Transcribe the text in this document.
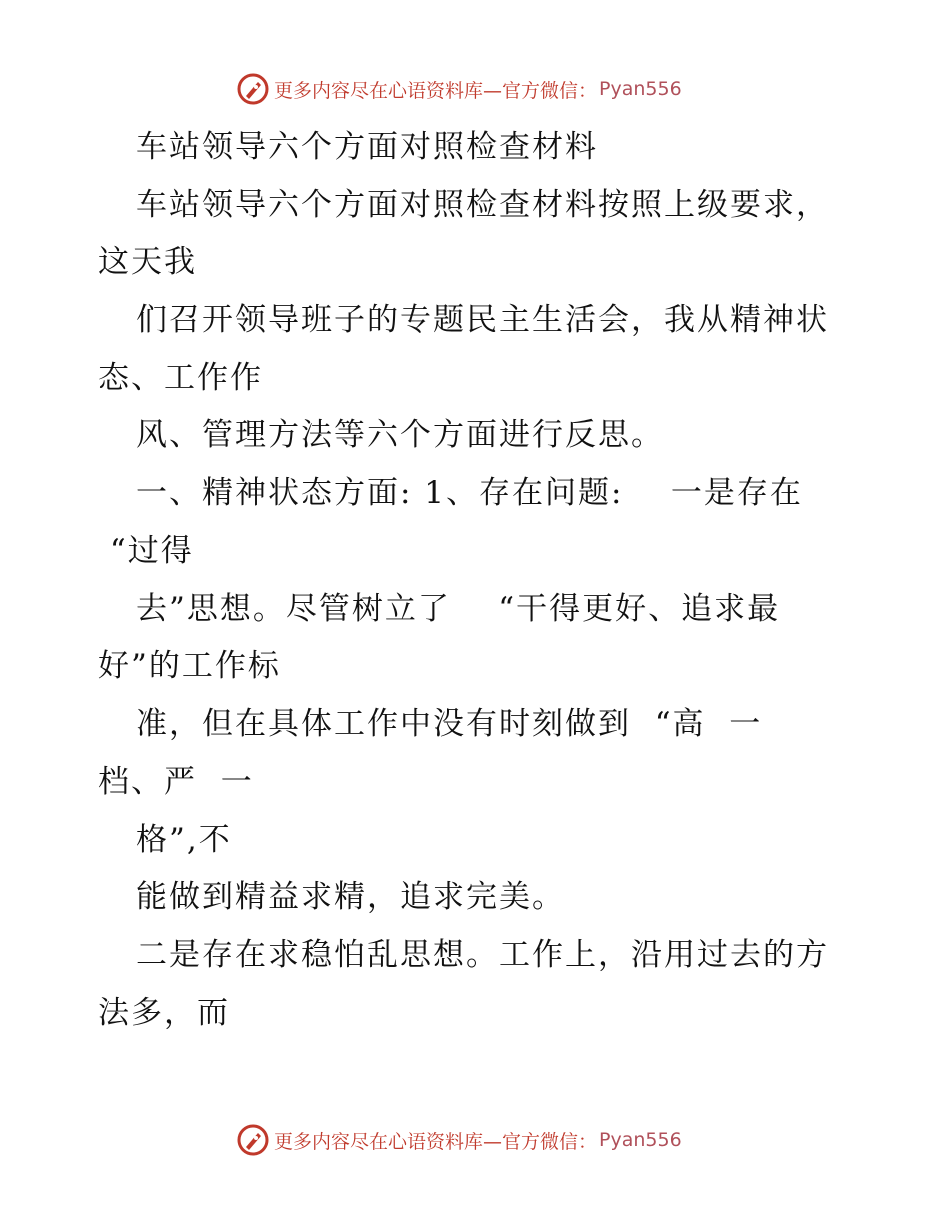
更多内容尽在心语资料库—官方微信： Pyan556
车站领导六个方面对照检查材料
车站领导六个方面对照检查材料按照上级要求，
这天我
们召开领导班子的专题民主生活会，我从精神状
态、工作作
风、管理方法等六个方面进行反思。
一、精神状态方面: 1、存在问题:    一是存在
“过得
去”思想。尽管树立了    “干得更好、追求最
好”的工作标
准，但在具体工作中没有时刻做到  “高  一
档、严  一
格”,不
能做到精益求精，追求完美。
二是存在求稳怕乱思想。工作上，沿用过去的方
法多，而
更多内容尽在心语资料库—官方微信： Pyan556
